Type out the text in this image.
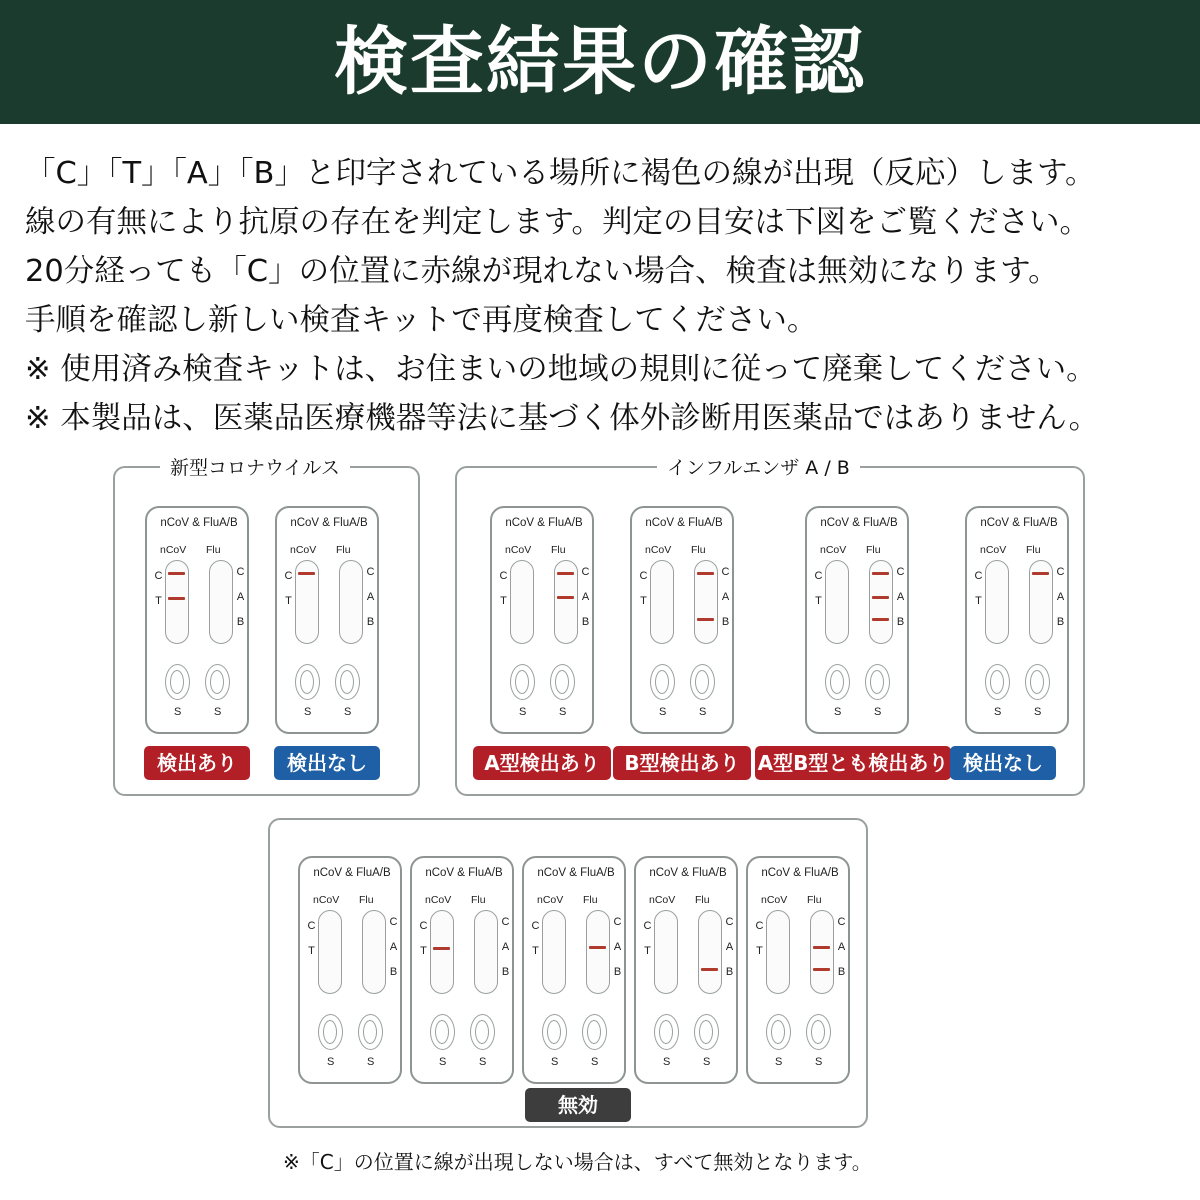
検査結果の確認

「C」「T」「A」「B」と印字されている場所に褐色の線が出現（反応）します。

線の有無により抗原の存在を判定します。判定の目安は下図をご覧ください。

20分経っても「C」の位置に赤線が現れない場合、検査は無効になります。

手順を確認し新しい検査キットで再度検査してください。

※ 使用済み検査キットは、お住まいの地域の規則に従って廃棄してください。

※ 本製品は、医薬品医療機器等法に基づく体外診断用医薬品ではありません。

新型コロナウイルス	インフルエンザ A / B
nCoV & FluA/B
nCoV Flu
C
T
C
A
B
S	S
検出あり
nCoV & FluA/B
nCoV Flu
C
T
C
A
B
S	S
検出なし
nCoV & FluA/B
nCoV Flu
C
T
C
A
B
S	S
A型検出あり
nCoV & FluA/B
nCoV Flu
C
T
C
A
B
S	S
B型検出あり
nCoV & FluA/B
nCoV Flu
C
T
C
A
B
S	S
A型B型とも検出あり
nCoV & FluA/B
nCoV Flu
C
T
C
A
B
S	S
検出なし
nCoV & FluA/B
nCoV Flu
C
T
C
A
B
S	S
nCoV & FluA/B
nCoV Flu
C
T
C
A
B
S	S
nCoV & FluA/B
nCoV Flu
C
T
C
A
B
S	S
nCoV & FluA/B
nCoV Flu
C
T
C
A
B
S	S
nCoV & FluA/B
nCoV Flu
C
T
C
A
B
S	S
無効
※「C」の位置に線が出現しない場合は、すべて無効となります。
